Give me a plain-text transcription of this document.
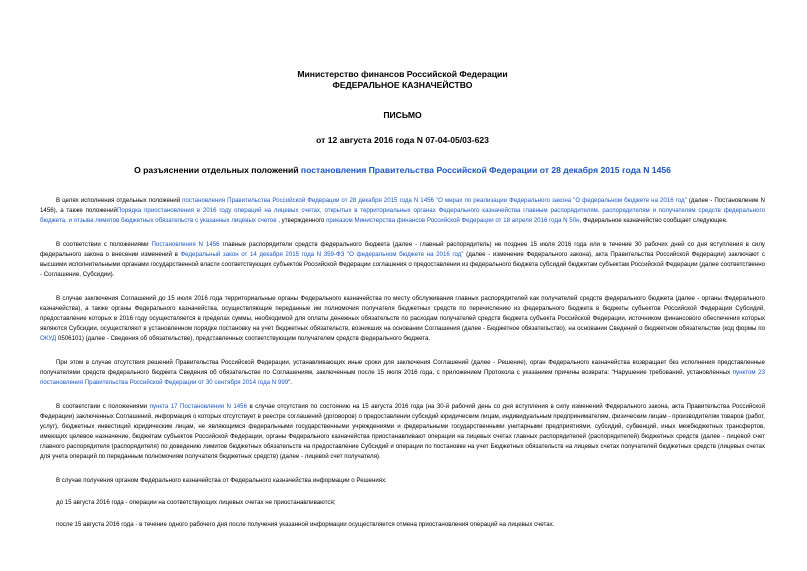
Министерство финансов Российской Федерации
ФЕДЕРАЛЬНОЕ КАЗНАЧЕЙСТВО
ПИСЬМО
от 12 августа 2016 года N 07-04-05/03-623
О разъяснении отдельных положений постановления Правительства Российской Федерации от 28 декабря 2015 года N 1456

В целях исполнения отдельных положений постановления Правительства Российской Федерации от 28 декабря 2015 года N 1456 "О мерах по реализации Федерального закона "О федеральном бюджете на 2016 год" (далее - Постановление N 1456), а также положенийПорядка приостановления в 2016 году операций на лицевых счетах, открытых в территориальных органах Федерального казначейства главным распорядителям, распорядителям и получателям средств федерального бюджета, и отзыва лимитов бюджетных обязательств с указанных лицевых счетов , утвержденного приказом Министерства финансов Российской Федерации от 18 апреля 2016 года N 50н, Федеральное казначейство сообщает следующее.

В соответствии с положениями Постановления N 1456 главные распорядители средств федерального бюджета (далее - главный распорядитель) не позднее 15 июля 2016 года или в течение 30 рабочих дней со дня вступления в силу федерального закона о внесении изменений в Федеральный закон от 14 декабря 2015 года N 359-ФЗ "О федеральном бюджете на 2016 год" (далее - изменение Федерального закона), акта Правительства Российской Федерации) заключают с высшими исполнительными органами государственной власти соответствующих субъектов Российской Федерации соглашения о предоставлении из федерального бюджета субсидий бюджетам субъектам Российской Федерации (далее соответственно - Соглашение, Субсидии).

В случае заключения Соглашений до 15 июля 2016 года территориальные органы Федерального казначейства по месту обслуживания главных распорядителей как получателей средств федерального бюджета (далее - органы Федерального казначейства), а также органы Федерального казначейства, осуществляющие переданные им полномочия получателя бюджетных средств по перечислению из федерального бюджета в бюджеты субъектов Российской Федерации Субсидий, предоставление которых в 2016 году осуществляется в пределах суммы, необходимой для оплаты денежных обязательств по расходам получателей средств бюджета субъекта Российской Федерации, источником финансового обеспечения которых являются Субсидии, осуществляют в установленном порядке постановку на учет бюджетных обязательств, возникших на основании Соглашения (далее - Бюджетное обязательство), на основании Сведений о бюджетном обязательстве (код формы по ОКУД 0506101) (далее - Сведения об обязательстве), представленных соответствующим получателем средств федерального бюджета.

При этом в случае отсутствия решений Правительства Российской Федерации, устанавливающих иные сроки для заключения Соглашений (далее - Решение), орган Федерального казначейства возвращает без исполнения представленные получателями средств федерального бюджета Сведения об обязательстве по Соглашениям, заключенным после 15 июля 2016 года, с приложением Протокола с указанием причины возврата: "Нарушение требований, установленных пунктом 23 постановления Правительства Российской Федерации от 30 сентября 2014 года N 999".

В соответствии с положениями пункта 17 Постановления N 1456 в случае отсутствия по состоянию на 15 августа 2016 года (на 30-й рабочий день со дня вступления в силу изменений Федерального закона, акта Правительства Российской Федерации) заключенных Соглашений, информация о которых отсутствует в реестре соглашений (договоров) о предоставлении субсидий юридическим лицам, индивидуальным предпринимателям, физическим лицам - производителям товаров (работ, услуг), бюджетных инвестиций юридическим лицам, не являющимся федеральными государственными учреждениями и федеральными государственными унитарными предприятиями, субсидий, субвенций, иных межбюджетных трансфертов, имеющих целевое назначение, бюджетам субъектов Российской Федерации, органы Федерального казначейства приостанавливают операции на лицевых счетах главных распорядителей (распорядителей) бюджетных средств (далее - лицевой счет главного распорядителя (распорядителя) по доведению лимитов бюджетных обязательств на предоставление Субсидий и операции по постановке на учет Бюджетных обязательств на лицевых счетах получателей бюджетных средств (лицевых счетах для учета операций по переданным полномочиям получателя бюджетных средств) (далее - лицевой счет получателя).

В случае получения органом Федерального казначейства от Федерального казначейства информации о Решениях:

до 15 августа 2016 года - операции на соответствующих лицевых счетах не приостанавливаются;

после 15 августа 2016 года - в течение одного рабочего дня после получения указанной информации осуществляется отмена приостановления операций на лицевых счетах.
